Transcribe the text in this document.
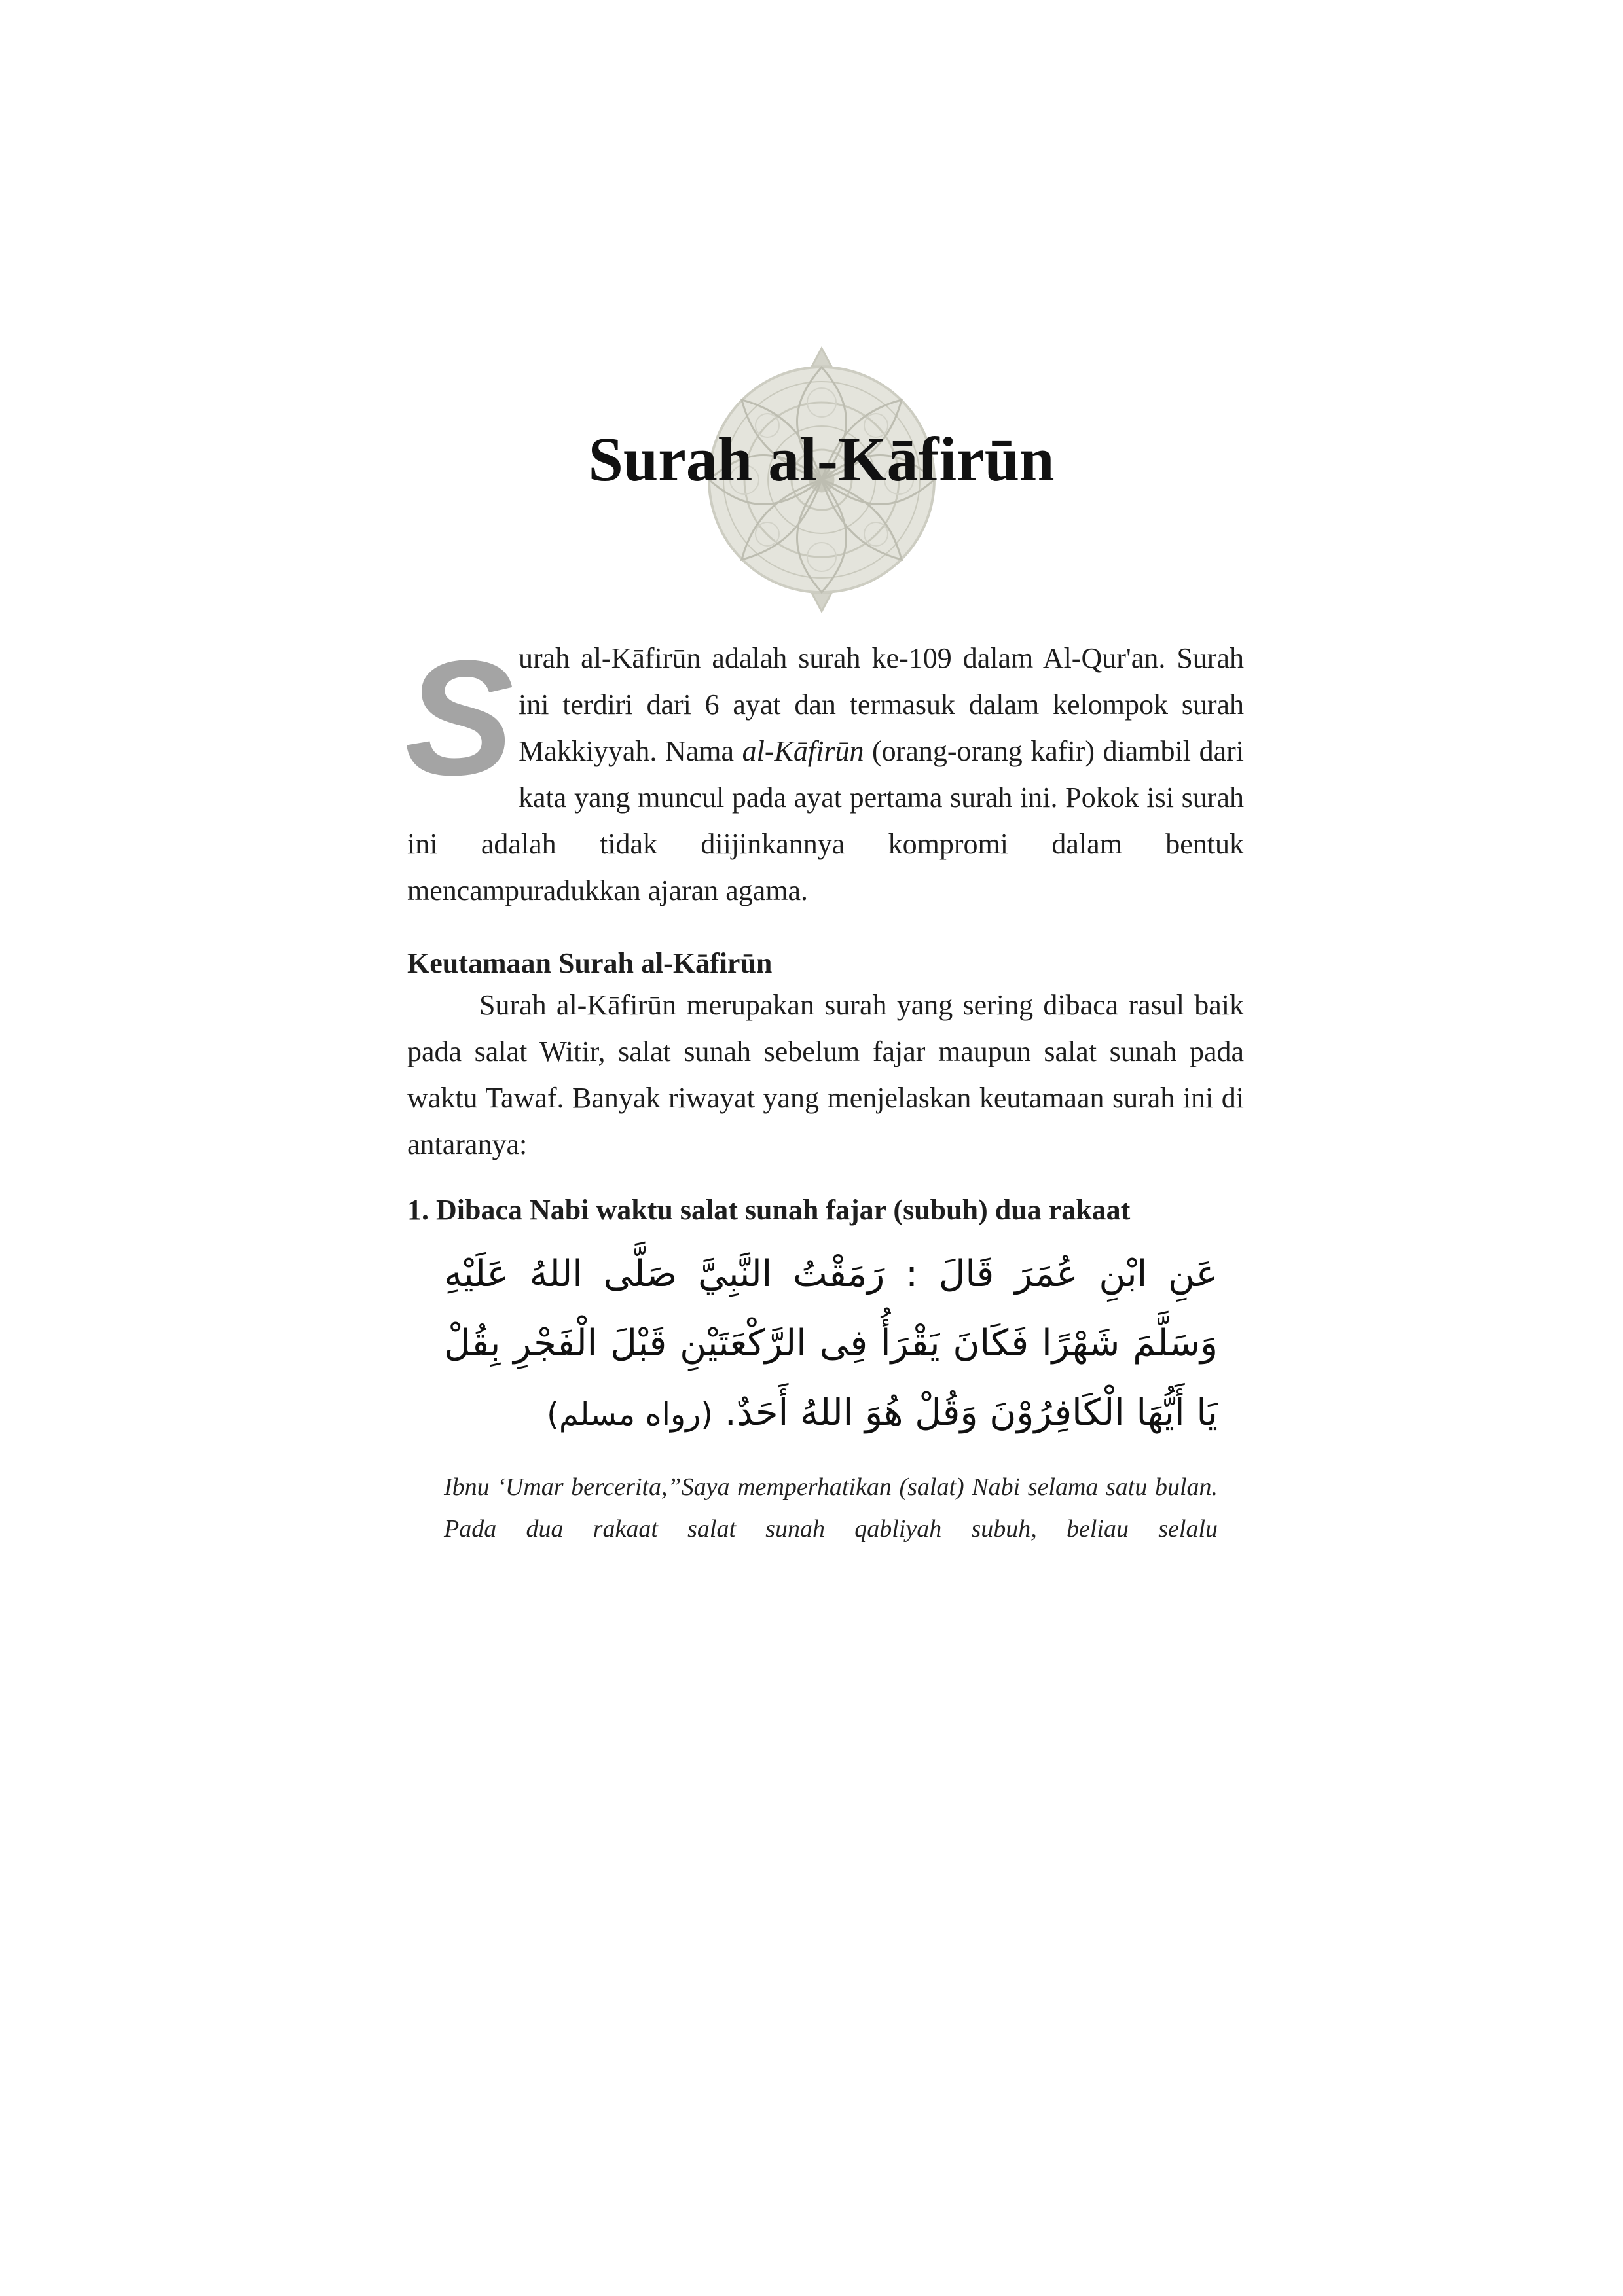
Surah al-Kāfirūn

S urah al-Kāfirūn adalah surah ke-109 dalam Al-Qur'an. Surah ini terdiri dari 6 ayat dan termasuk dalam kelompok surah Makkiyyah. Nama al-Kāfirūn (orang-orang kafir) diambil dari kata yang muncul pada ayat pertama surah ini. Pokok isi surah ini adalah tidak diijinkannya kompromi dalam bentuk mencampuradukkan ajaran agama.

Keutamaan Surah al-Kāfirūn

Surah al-Kāfirūn merupakan surah yang sering dibaca rasul baik pada salat Witir, salat sunah sebelum fajar maupun salat sunah pada waktu Tawaf. Banyak riwayat yang menjelaskan keutamaan surah ini di antaranya:

1. Dibaca Nabi waktu salat sunah fajar (subuh) dua rakaat

عَنِ ابْنِ عُمَرَ قَالَ : رَمَقْتُ النَّبِيَّ صَلَّى اللهُ عَلَيْهِ وَسَلَّمَ شَهْرًا فَكَانَ يَقْرَأُ فِى الرَّكْعَتَيْنِ قَبْلَ الْفَجْرِ بِقُلْ يَا أَيُّهَا الْكَافِرُوْنَ وَقُلْ هُوَ اللهُ أَحَدٌ. (رواه مسلم)

Ibnu ‘Umar bercerita,”Saya memperhatikan (salat) Nabi selama satu bulan. Pada dua rakaat salat sunah qabliyah subuh, beliau selalu
